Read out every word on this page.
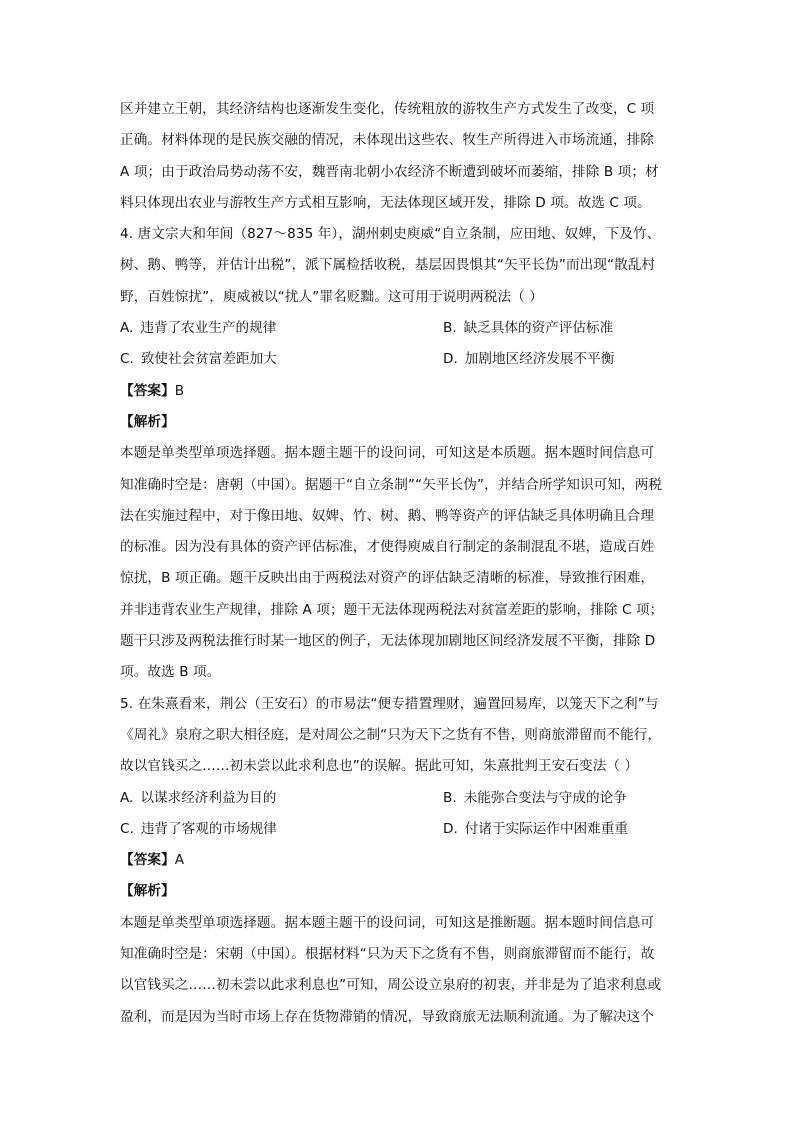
区并建立王朝，其经济结构也逐渐发生变化，传统粗放的游牧生产方式发生了改变，C 项
正确。材料体现的是民族交融的情况，未体现出这些农、牧生产所得进入市场流通，排除
A 项；由于政治局势动荡不安，魏晋南北朝小农经济不断遭到破坏而萎缩，排除 B 项；材
料只体现出农业与游牧生产方式相互影响，无法体现区域开发，排除 D 项。故选 C 项。
4. 唐文宗大和年间（827～835 年），湖州刺史庾威“自立条制，应田地、奴婢，下及竹、
树、鹅、鸭等，并估计出税”，派下属检括收税，基层因畏惧其“矢平长伪”而出现“散乱村
野，百姓惊扰”，庾威被以“扰人”罪名贬黜。这可用于说明两税法（ ）
A. 违背了农业生产的规律	B. 缺乏具体的资产评估标准
C. 致使社会贫富差距加大	D. 加剧地区经济发展不平衡
【答案】B
【解析】
本题是单类型单项选择题。据本题主题干的设问词，可知这是本质题。据本题时间信息可
知准确时空是：唐朝（中国）。据题干“自立条制”“矢平长伪”，并结合所学知识可知，两税
法在实施过程中，对于像田地、奴婢、竹、树、鹅、鸭等资产的评估缺乏具体明确且合理
的标准。因为没有具体的资产评估标准，才使得庾威自行制定的条制混乱不堪，造成百姓
惊扰，B 项正确。题干反映出由于两税法对资产的评估缺乏清晰的标准，导致推行困难，
并非违背农业生产规律，排除 A 项；题干无法体现两税法对贫富差距的影响，排除 C 项；
题干只涉及两税法推行时某一地区的例子，无法体现加剧地区间经济发展不平衡，排除 D
项。故选 B 项。
5. 在朱熹看来，荆公（王安石）的市易法“便专措置理财，遍置回易库，以笼天下之利”与
《周礼》泉府之职大相径庭，是对周公之制“只为天下之货有不售，则商旅滞留而不能行，
故以官钱买之……初未尝以此求利息也”的误解。据此可知，朱熹批判王安石变法（ ）
A. 以谋求经济利益为目的	B. 未能弥合变法与守成的论争
C. 违背了客观的市场规律	D. 付诸于实际运作中困难重重
【答案】A
【解析】
本题是单类型单项选择题。据本题主题干的设问词，可知这是推断题。据本题时间信息可
知准确时空是：宋朝（中国）。根据材料“只为天下之货有不售，则商旅滞留而不能行，故
以官钱买之……初未尝以此求利息也”可知，周公设立泉府的初衷，并非是为了追求利息或
盈利，而是因为当时市场上存在货物滞销的情况，导致商旅无法顺利流通。为了解决这个
